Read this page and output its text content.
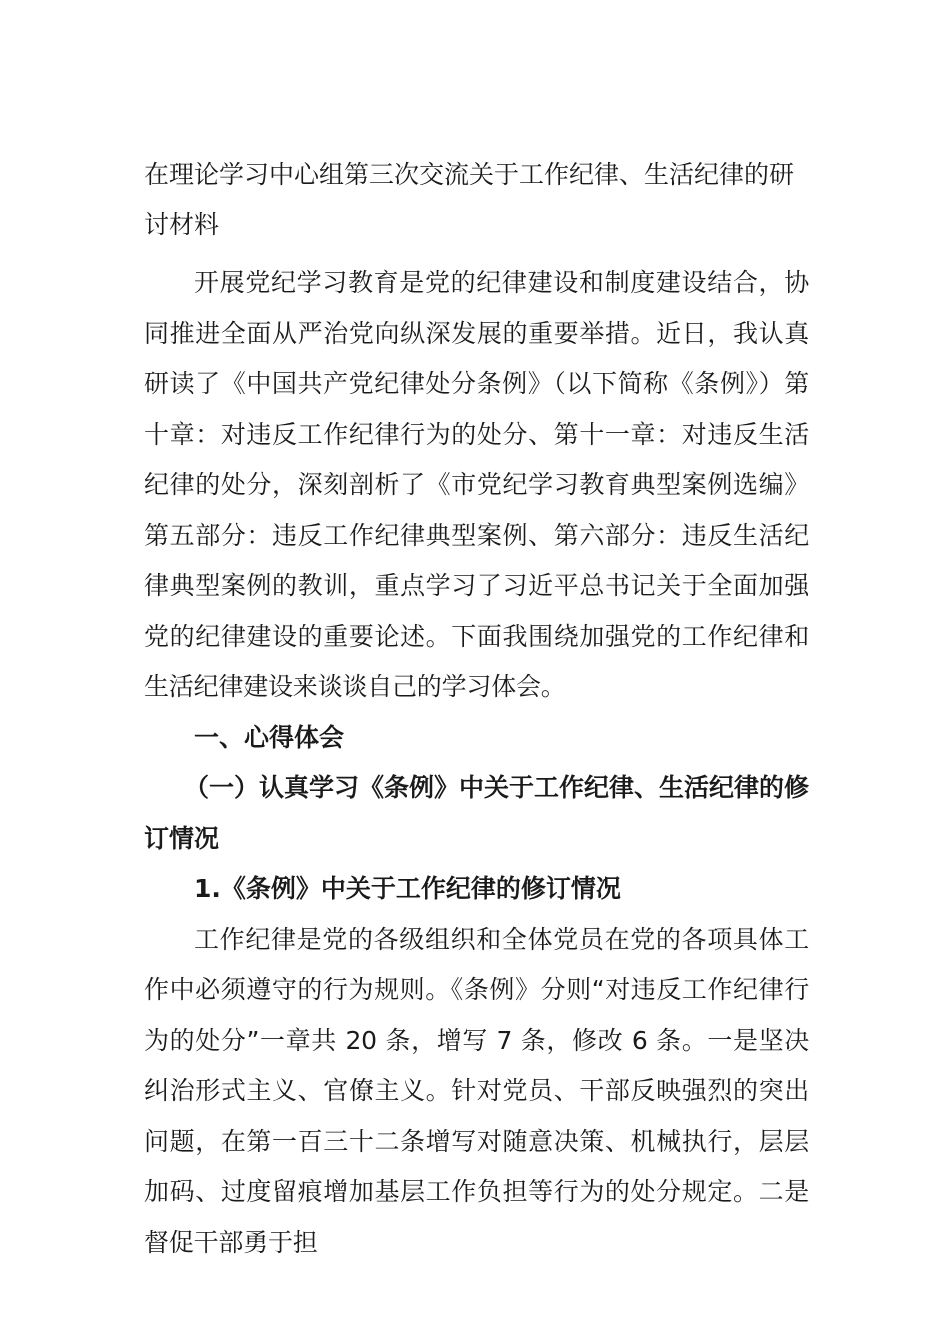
在理论学习中心组第三次交流关于工作纪律、生活纪律的研讨材料

开展党纪学习教育是党的纪律建设和制度建设结合，协同推进全面从严治党向纵深发展的重要举措。近日，我认真研读了《中国共产党纪律处分条例》（以下简称《条例》）第十章：对违反工作纪律行为的处分、第十一章：对违反生活纪律的处分，深刻剖析了《市党纪学习教育典型案例选编》第五部分：违反工作纪律典型案例、第六部分：违反生活纪律典型案例的教训，重点学习了习近平总书记关于全面加强党的纪律建设的重要论述。下面我围绕加强党的工作纪律和生活纪律建设来谈谈自己的学习体会。

一、心得体会

（一）认真学习《条例》中关于工作纪律、生活纪律的修订情况

1.《条例》中关于工作纪律的修订情况

工作纪律是党的各级组织和全体党员在党的各项具体工作中必须遵守的行为规则。《条例》分则“对违反工作纪律行为的处分”一章共 20 条，增写 7 条，修改 6 条。一是坚决纠治形式主义、官僚主义。针对党员、干部反映强烈的突出问题，在第一百三十二条增写对随意决策、机械执行，层层加码、过度留痕增加基层工作负担等行为的处分规定。二是督促干部勇于担
